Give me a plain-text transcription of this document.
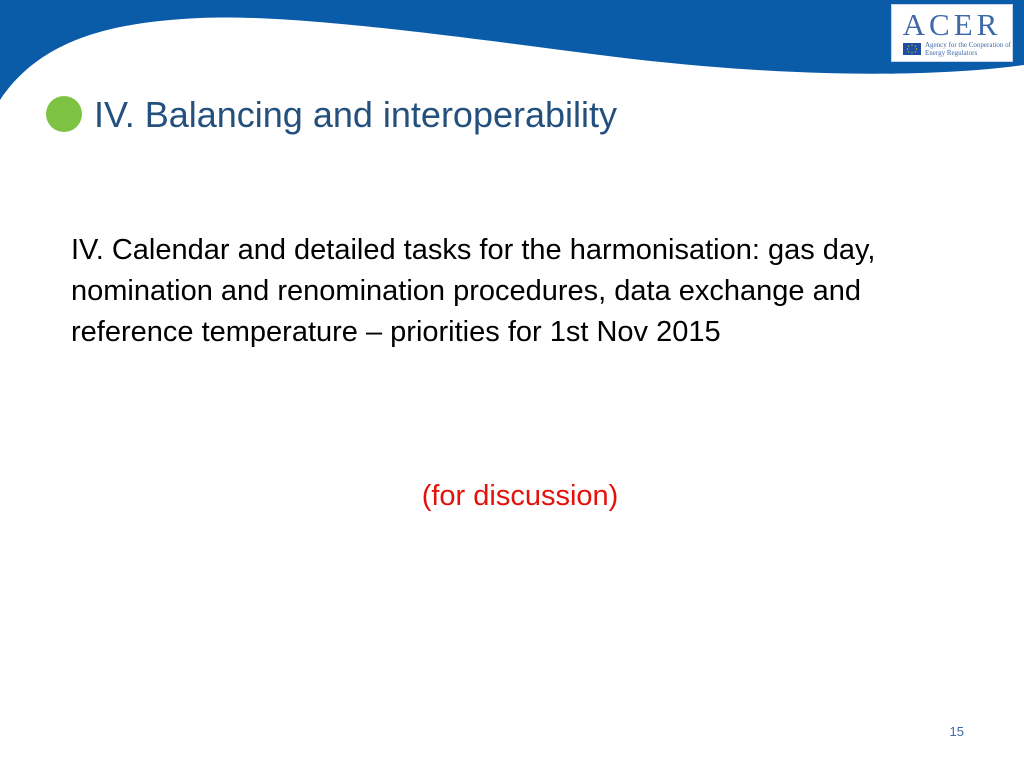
ACER
Agency for the Cooperation of Energy Regulators
IV. Balancing and interoperability
IV. Calendar and detailed tasks for the harmonisation: gas day, nomination and renomination procedures, data exchange and reference temperature – priorities for 1st Nov 2015
(for discussion)
15
